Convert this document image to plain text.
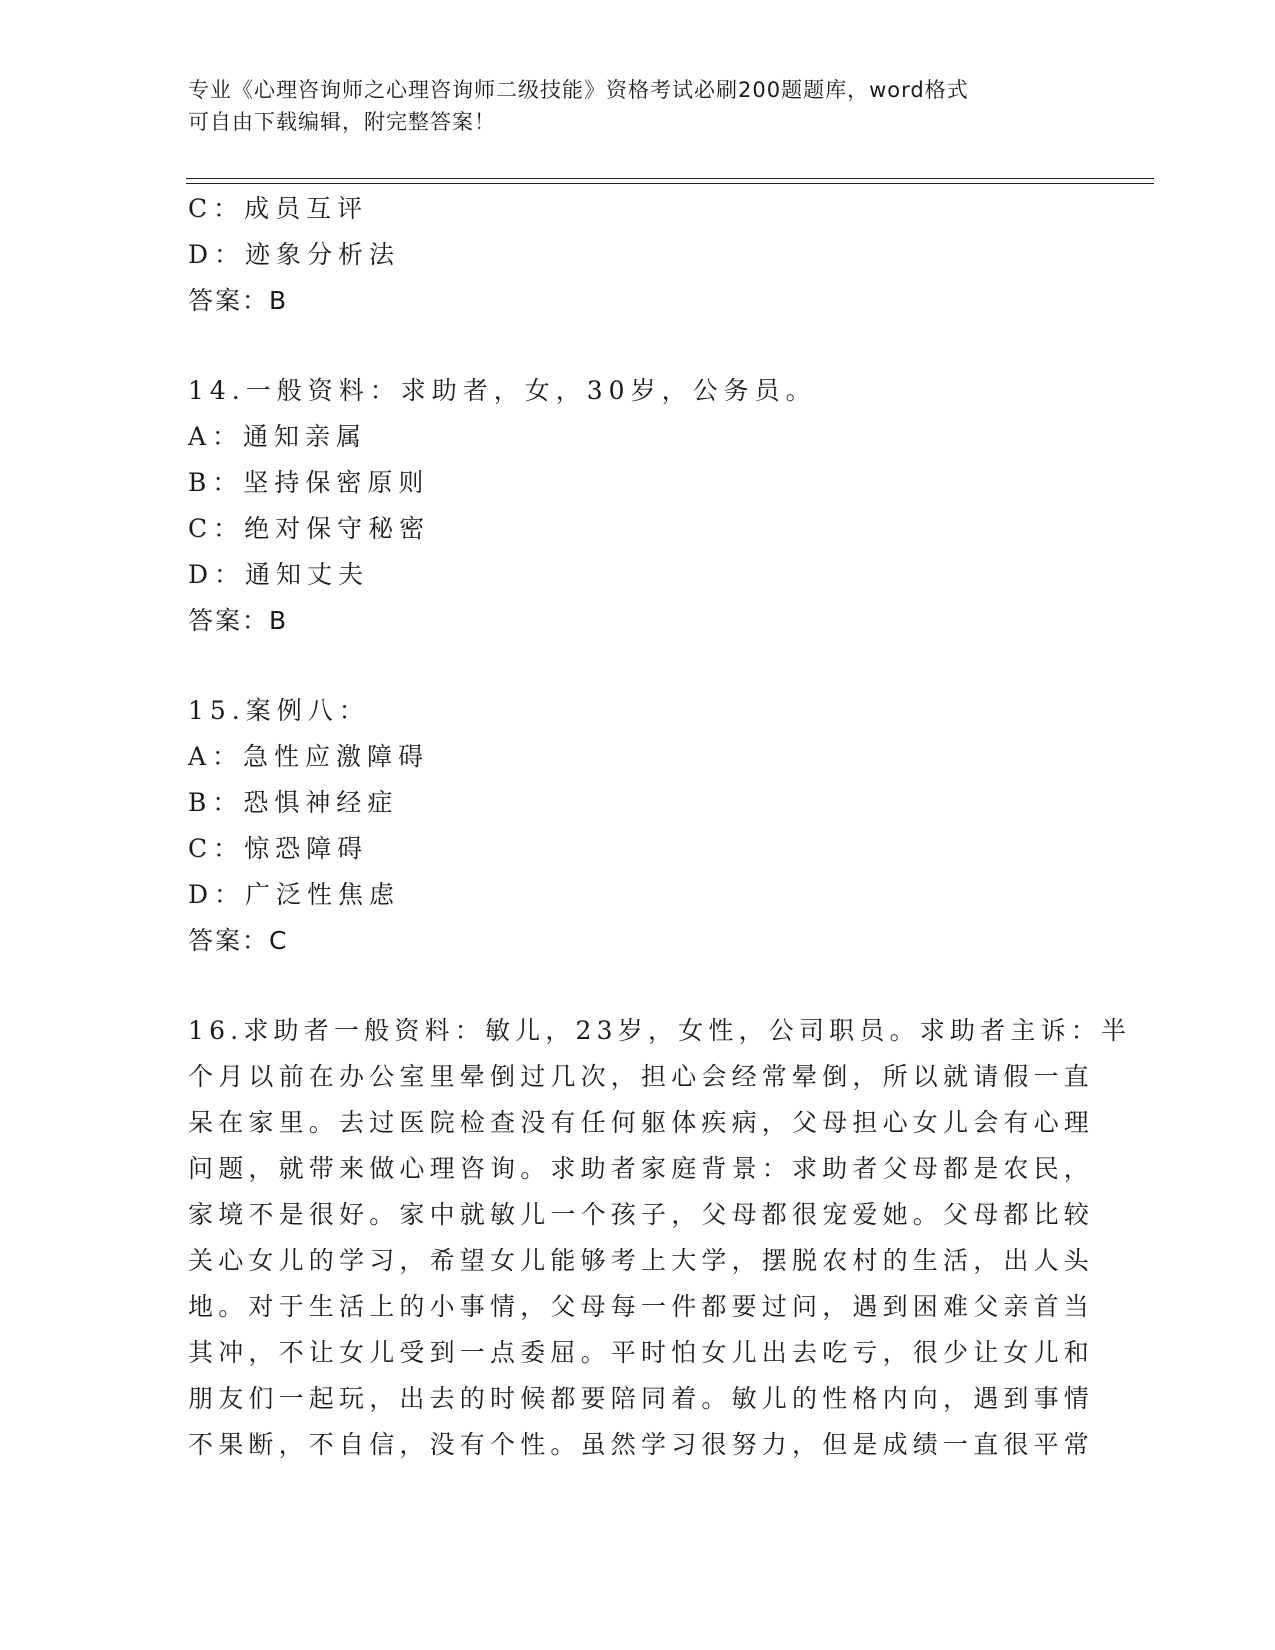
专业《心理咨询师之心理咨询师二级技能》资格考试必刷200题题库，word格式
可自由下载编辑，附完整答案！
C：成员互评
D：迹象分析法
答案：B
14.一般资料：求助者，女，30岁，公务员。
A：通知亲属
B：坚持保密原则
C：绝对保守秘密
D：通知丈夫
答案：B
15.案例八：
A：急性应激障碍
B：恐惧神经症
C：惊恐障碍
D：广泛性焦虑
答案：C
16.求助者一般资料：敏儿，23岁，女性，公司职员。求助者主诉：半
个月以前在办公室里晕倒过几次，担心会经常晕倒，所以就请假一直
呆在家里。去过医院检查没有任何躯体疾病，父母担心女儿会有心理
问题，就带来做心理咨询。求助者家庭背景：求助者父母都是农民，
家境不是很好。家中就敏儿一个孩子，父母都很宠爱她。父母都比较
关心女儿的学习，希望女儿能够考上大学，摆脱农村的生活，出人头
地。对于生活上的小事情，父母每一件都要过问，遇到困难父亲首当
其冲，不让女儿受到一点委屈。平时怕女儿出去吃亏，很少让女儿和
朋友们一起玩，出去的时候都要陪同着。敏儿的性格内向，遇到事情
不果断，不自信，没有个性。虽然学习很努力，但是成绩一直很平常
